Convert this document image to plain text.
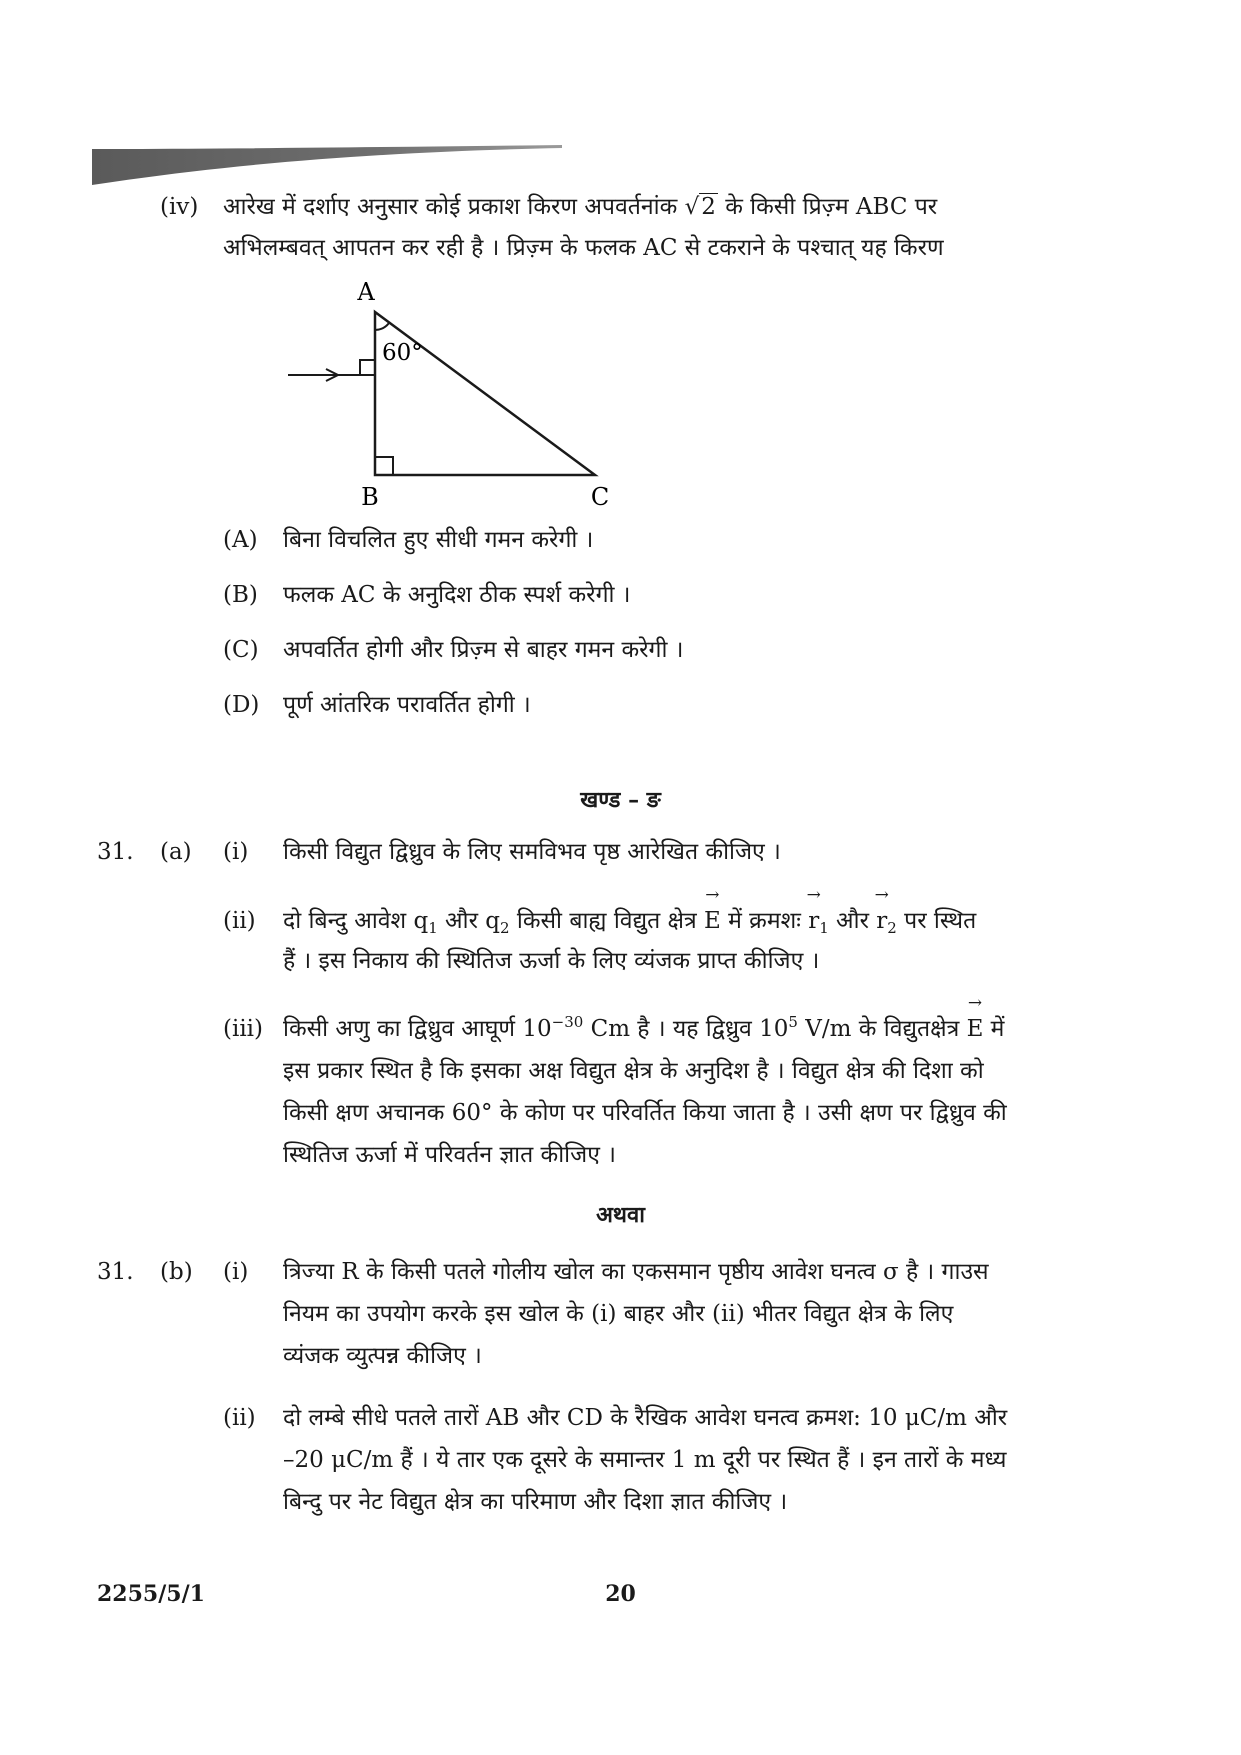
(iv) आरेख में दर्शाए अनुसार कोई प्रकाश किरण अपवर्तनांक √2 के किसी प्रिज़्म ABC पर
अभिलम्बवत् आपतन कर रही है । प्रिज़्म के फलक AC से टकराने के पश्चात् यह किरण
A
B	C
60°
(A) बिना विचलित हुए सीधी गमन करेगी ।
(B) फलक AC के अनुदिश ठीक स्पर्श करेगी ।
(C) अपवर्तित होगी और प्रिज़्म से बाहर गमन करेगी ।
(D) पूर्ण आंतरिक परावर्तित होगी ।
खण्ड – ङ
31. (a) (i) किसी विद्युत द्विध्रुव के लिए समविभव पृष्ठ आरेखित कीजिए ।
(ii) दो बिन्दु आवेश $q_1$ और $q_2$ किसी बाह्य विद्युत क्षेत्र → E में क्रमशः → $r_1$ और → $r_2$ पर स्थित
हैं । इस निकाय की स्थितिज ऊर्जा के लिए व्यंजक प्राप्त कीजिए ।
(iii) किसी अणु का द्विध्रुव आघूर्ण $10^{-30}$ Cm है । यह द्विध्रुव $10^5$ V/m के विद्युतक्षेत्र → E में
इस प्रकार स्थित है कि इसका अक्ष विद्युत क्षेत्र के अनुदिश है । विद्युत क्षेत्र की दिशा को
किसी क्षण अचानक 60° के कोण पर परिवर्तित किया जाता है । उसी क्षण पर द्विध्रुव की
स्थितिज ऊर्जा में परिवर्तन ज्ञात कीजिए ।
अथवा
31. (b) (i) त्रिज्या R के किसी पतले गोलीय खोल का एकसमान पृष्ठीय आवेश घनत्व σ है । गाउस
नियम का उपयोग करके इस खोल के (i) बाहर और (ii) भीतर विद्युत क्षेत्र के लिए
व्यंजक व्युत्पन्न कीजिए ।
(ii) दो लम्बे सीधे पतले तारों AB और CD के रैखिक आवेश घनत्व क्रमश: 10 μC/m और
–20 μC/m हैं । ये तार एक दूसरे के समान्तर 1 m दूरी पर स्थित हैं । इन तारों के मध्य
बिन्दु पर नेट विद्युत क्षेत्र का परिमाण और दिशा ज्ञात कीजिए ।
2255/5/1	20
